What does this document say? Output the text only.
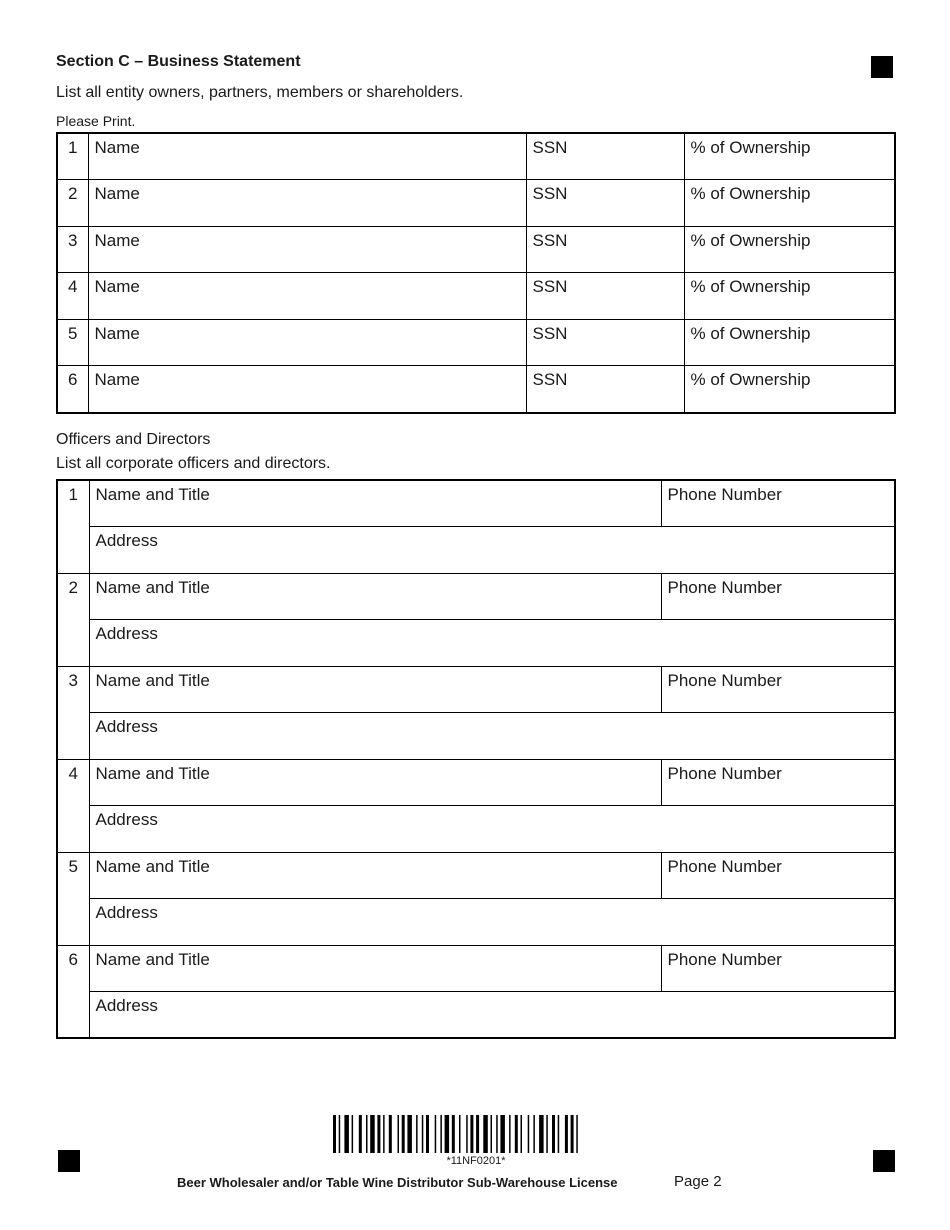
Section C – Business Statement
List all entity owners, partners, members or shareholders.
Please Print.
1	Name	SSN	% of Ownership
2	Name	SSN	% of Ownership
3	Name	SSN	% of Ownership
4	Name	SSN	% of Ownership
5	Name	SSN	% of Ownership
6	Name	SSN	% of Ownership
Officers and Directors
List all corporate officers and directors.
1	Name and Title	Phone Number
	Address	
2	Name and Title	Phone Number
	Address	
3	Name and Title	Phone Number
	Address	
4	Name and Title	Phone Number
	Address	
5	Name and Title	Phone Number
	Address	
6	Name and Title	Phone Number
	Address	
*11NF0201*
Beer Wholesaler and/or Table Wine Distributor Sub-Warehouse License	Page 2
